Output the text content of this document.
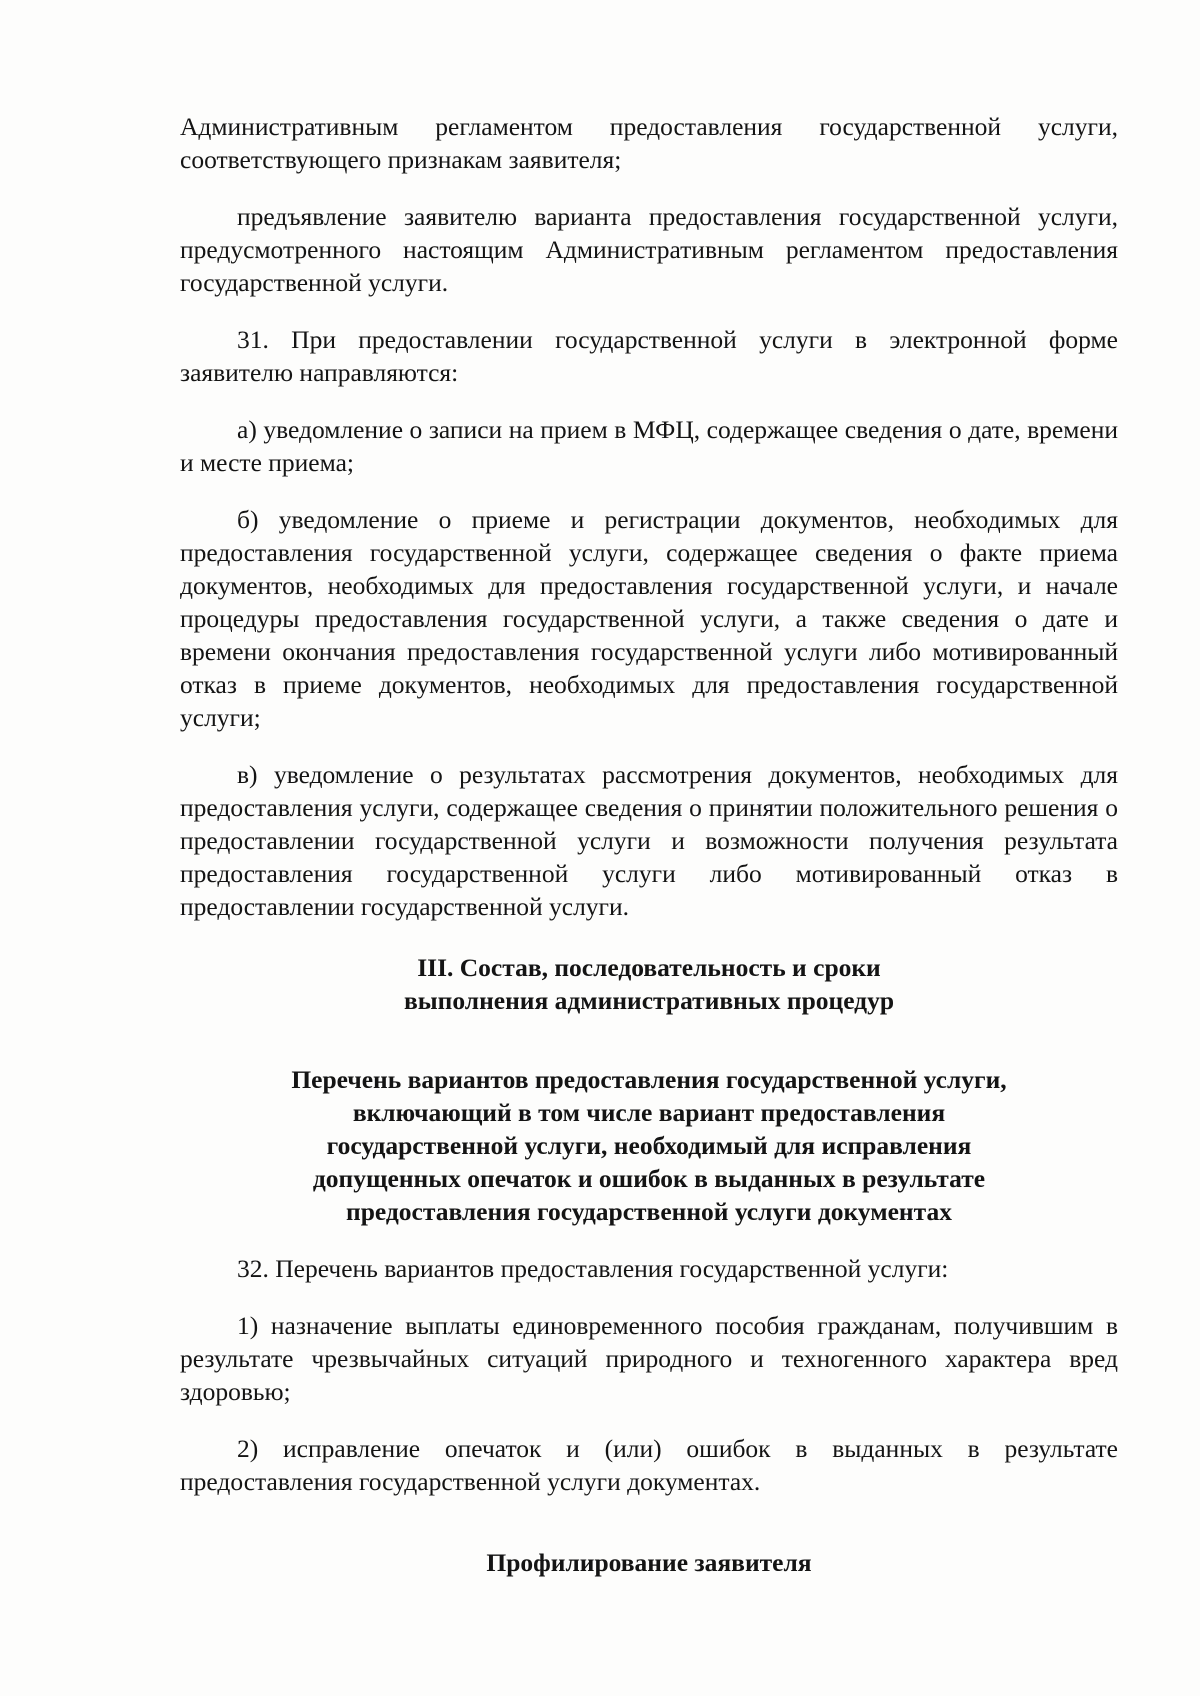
Административным регламентом предоставления государственной услуги, соответствующего признакам заявителя;

предъявление заявителю варианта предоставления государственной услуги, предусмотренного настоящим Административным регламентом предоставления государственной услуги.

31. При предоставлении государственной услуги в электронной форме заявителю направляются:

а) уведомление о записи на прием в МФЦ, содержащее сведения о дате, времени и месте приема;

б) уведомление о приеме и регистрации документов, необходимых для предоставления государственной услуги, содержащее сведения о факте приема документов, необходимых для предоставления государственной услуги, и начале процедуры предоставления государственной услуги, а также сведения о дате и времени окончания предоставления государственной услуги либо мотивированный отказ в приеме документов, необходимых для предоставления государственной услуги;

в) уведомление о результатах рассмотрения документов, необходимых для предоставления услуги, содержащее сведения о принятии положительного решения о предоставлении государственной услуги и возможности получения результата предоставления государственной услуги либо мотивированный отказ в предоставлении государственной услуги.

III. Состав, последовательность и сроки
выполнения административных процедур
Перечень вариантов предоставления государственной услуги,
включающий в том числе вариант предоставления
государственной услуги, необходимый для исправления
допущенных опечаток и ошибок в выданных в результате
предоставления государственной услуги документах

32. Перечень вариантов предоставления государственной услуги:

1) назначение выплаты единовременного пособия гражданам, получившим в результате чрезвычайных ситуаций природного и техногенного характера вред здоровью;

2) исправление опечаток и (или) ошибок в выданных в результате предоставления государственной услуги документах.

Профилирование заявителя
